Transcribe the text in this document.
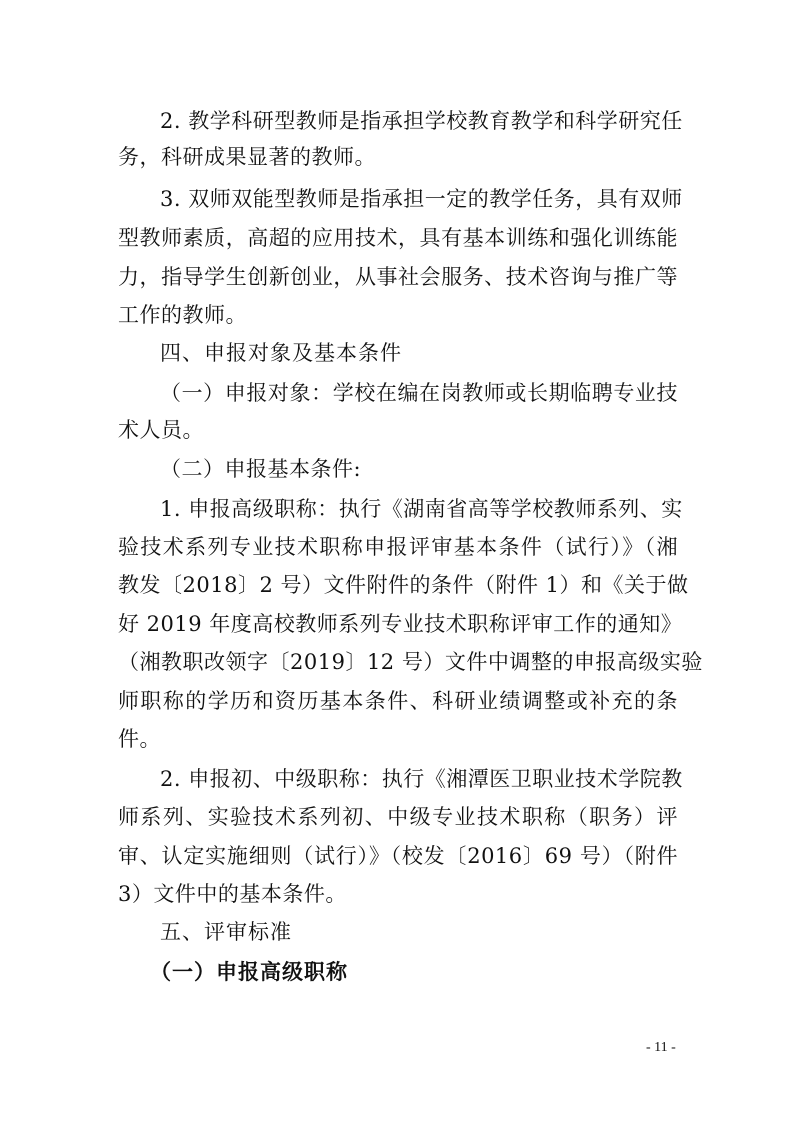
2. 教学科研型教师是指承担学校教育教学和科学研究任
务，科研成果显著的教师。
3. 双师双能型教师是指承担一定的教学任务，具有双师
型教师素质，高超的应用技术，具有基本训练和强化训练能
力，指导学生创新创业，从事社会服务、技术咨询与推广等
工作的教师。
四、申报对象及基本条件
（一）申报对象：学校在编在岗教师或长期临聘专业技
术人员。
（二）申报基本条件:
1. 申报高级职称：执行《湖南省高等学校教师系列、实
验技术系列专业技术职称申报评审基本条件（试行）》（湘
教发〔2018〕2 号）文件附件的条件（附件 1）和《关于做
好 2019 年度高校教师系列专业技术职称评审工作的通知》
（湘教职改领字〔2019〕12 号）文件中调整的申报高级实验
师职称的学历和资历基本条件、科研业绩调整或补充的条
件。
2. 申报初、中级职称：执行《湘潭医卫职业技术学院教
师系列、实验技术系列初、中级专业技术职称（职务）评
审、认定实施细则（试行）》（校发〔2016〕69 号）（附件
3）文件中的基本条件。
五、评审标准
（一）申报高级职称
- 11 -
